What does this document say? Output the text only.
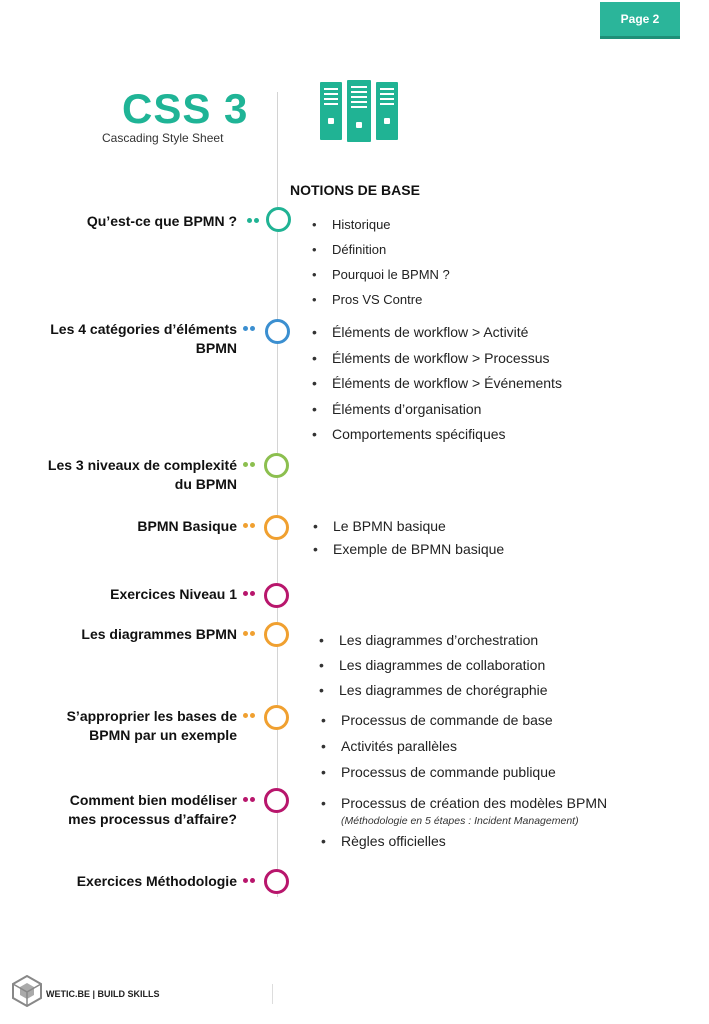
Page
2
CSS 3
Cascading Style Sheet
NOTIONS DE BASE
Qu’est-ce que BPMN ?	• Historique
• Définition
• Pourquoi le BPMN ?
• Pros VS Contre
Les 4 catégories d’éléments
BPMN
• Éléments de workflow > Activité
• Éléments de workflow > Processus
• Éléments de workflow > Événements
• Éléments d’organisation
• Comportements spécifiques
Les 3 niveaux de complexité
du BPMN
BPMN Basique	• Le BPMN basique
• Exemple de BPMN basique
Exercices Niveau 1
Les diagrammes BPMN	• Les diagrammes d’orchestration
• Les diagrammes de collaboration
• Les diagrammes de chorégraphie
S’approprier les bases de
BPMN par un exemple
• Processus de commande de base
• Activités parallèles
• Processus de commande publique
Comment bien modéliser
mes processus d’affaire?
• Processus de création des modèles BPMN
• Règles officielles
(Méthodologie en 5 étapes : Incident Management)
Exercices Méthodologie
WETIC.BE | BUILD SKILLS
